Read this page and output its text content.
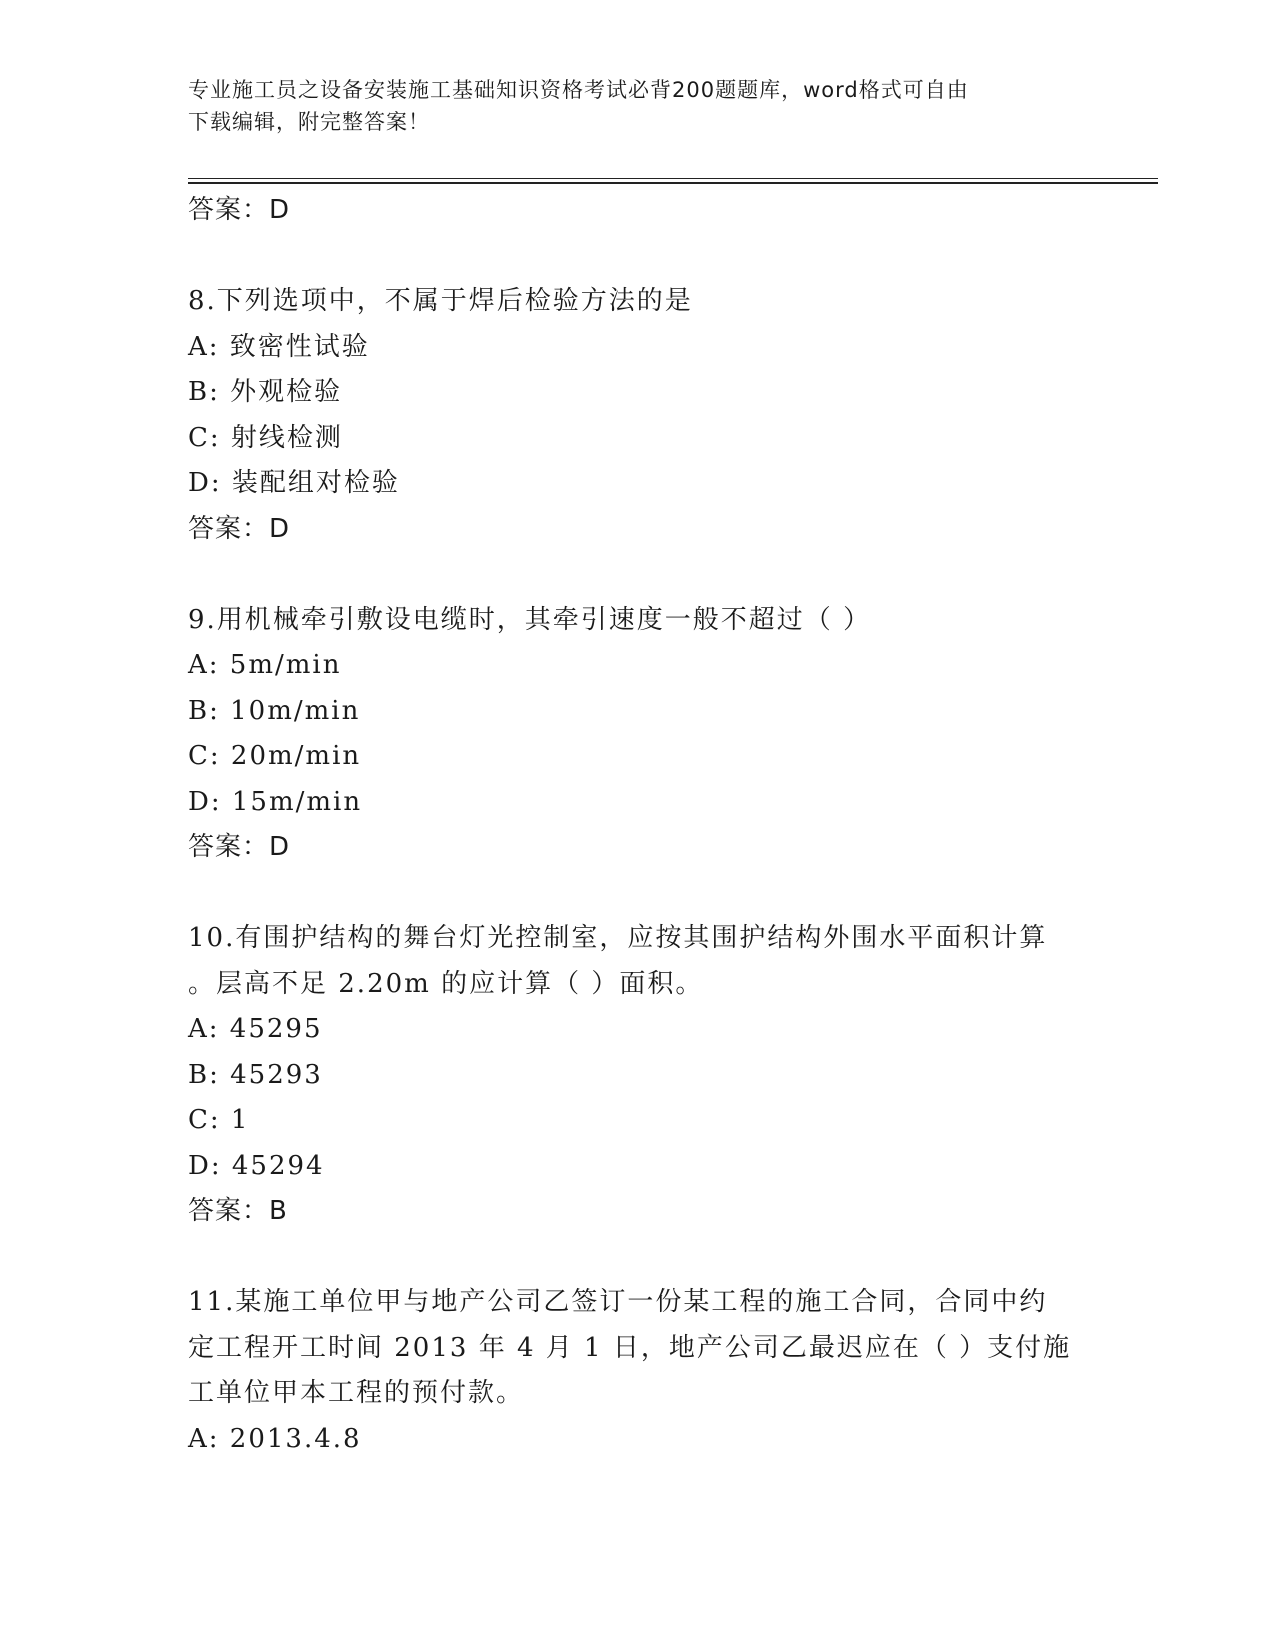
专业施工员之设备安装施工基础知识资格考试必背200题题库，word格式可自由
下载编辑，附完整答案！
答案：D
8.下列选项中，不属于焊后检验方法的是
A: 致密性试验
B: 外观检验
C: 射线检测
D: 装配组对检验
答案：D
9.用机械牵引敷设电缆时，其牵引速度一般不超过（ ）
A: 5m/min
B: 10m/min
C: 20m/min
D: 15m/min
答案：D
10.有围护结构的舞台灯光控制室，应按其围护结构外围水平面积计算
。层高不足 2.20m 的应计算（ ）面积。
A: 45295
B: 45293
C: 1
D: 45294
答案：B
11.某施工单位甲与地产公司乙签订一份某工程的施工合同，合同中约
定工程开工时间 2013 年 4 月 1 日，地产公司乙最迟应在（ ）支付施
工单位甲本工程的预付款。
A: 2013.4.8
